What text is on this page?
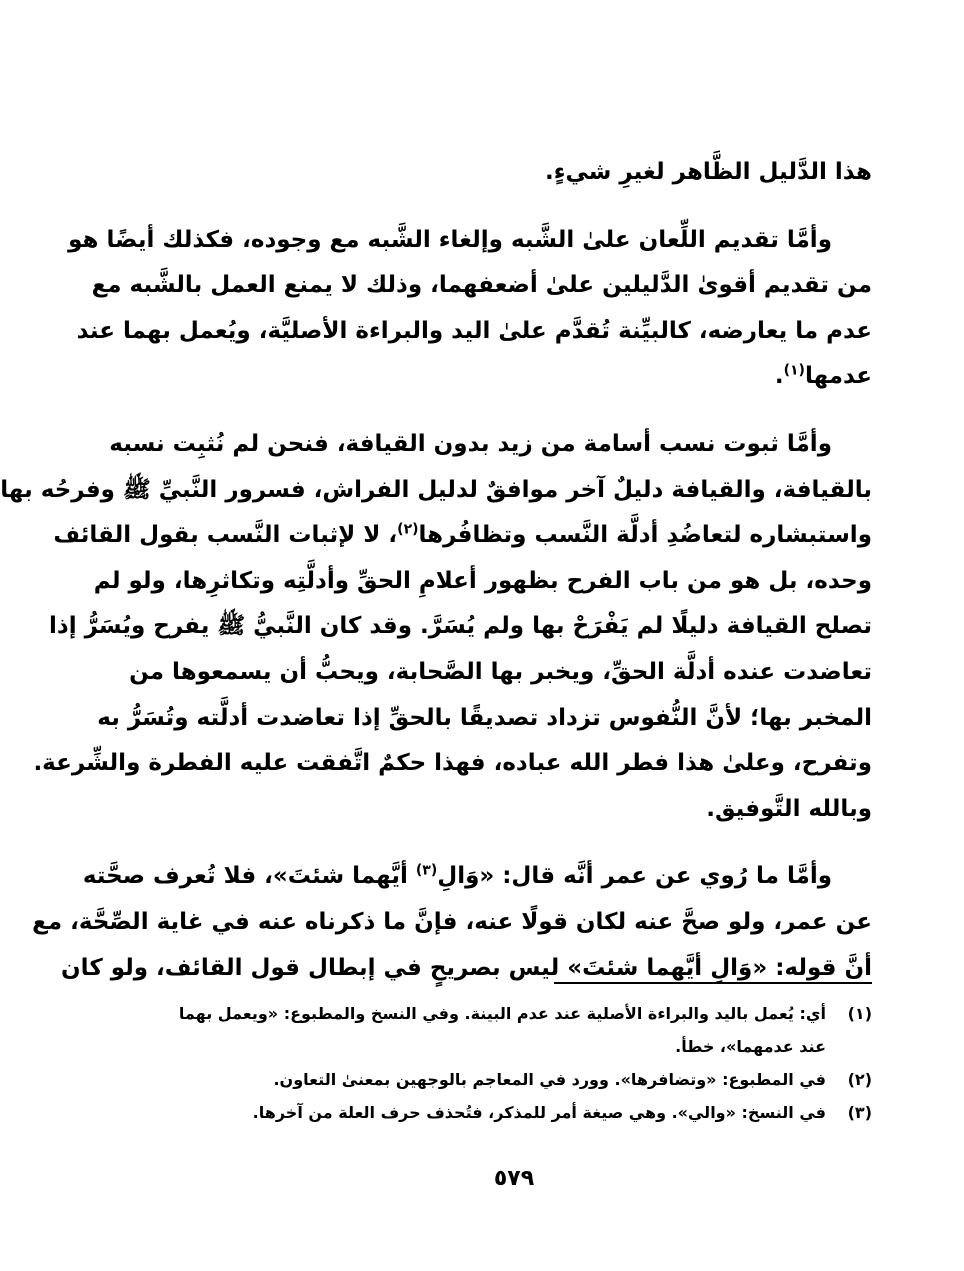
هذا الدَّليل الظَّاهر لغيرِ شيءٍ.
وأمَّا تقديم اللِّعان علىٰ الشَّبه وإلغاء الشَّبه مع وجوده، فكذلك أيضًا هو
من تقديم أقوىٰ الدَّليلين علىٰ أضعفهما، وذلك لا يمنع العمل بالشَّبه مع
عدم ما يعارضه، كالبيِّنة تُقدَّم علىٰ اليد والبراءة الأصليَّة، ويُعمل بهما عند
عدمها$^{(١)}$.
وأمَّا ثبوت نسب أسامة من زيد بدون القيافة، فنحن لم نُثبِت نسبه
بالقيافة، والقيافة دليلٌ آخر موافقٌ لدليل الفراش، فسرور النَّبيِّ ﷺ وفرحُه بها
واستبشاره لتعاضُدِ أدلَّة النَّسب وتظافُرها$^{(٢)}$، لا لإثبات النَّسب بقول القائف
وحده، بل هو من باب الفرح بظهور أعلامِ الحقِّ وأدلَّتِه وتكاثرِها، ولو لم
تصلح القيافة دليلًا لم يَفْرَحْ بها ولم يُسَرَّ. وقد كان النَّبيُّ ﷺ يفرح ويُسَرُّ إذا
تعاضدت عنده أدلَّة الحقِّ، ويخبر بها الصَّحابة، ويحبُّ أن يسمعوها من
المخبر بها؛ لأنَّ النُّفوس تزداد تصديقًا بالحقِّ إذا تعاضدت أدلَّته وتُسَرُّ به
وتفرح، وعلىٰ هذا فطر الله عباده، فهذا حكمٌ اتَّفقت عليه الفطرة والشِّرعة.
وبالله التَّوفيق.
وأمَّا ما رُوي عن عمر أنَّه قال: «وَالِ$^{(٣)}$ أيَّهما شئتَ»، فلا تُعرف صحَّته
عن عمر، ولو صحَّ عنه لكان قولًا عنه، فإنَّ ما ذكرناه عنه في غاية الصِّحَّة، مع
أنَّ قوله: «وَالِ أيَّهما شئتَ» ليس بصريحٍ في إبطال قول القائف، ولو كان
(١)
أي: يُعمل باليد والبراءة الأصلية عند عدم البينة. وفي النسخ والمطبوع: «ويعمل بهما
عند عدمهما»، خطأ.
(٢)
في المطبوع: «وتضافرها». وورد في المعاجم بالوجهين بمعنىٰ التعاون.
(٣)
في النسخ: «والي». وهي صيغة أمر للمذكر، فتُحذف حرف العلة من آخرها.
٥٧٩
